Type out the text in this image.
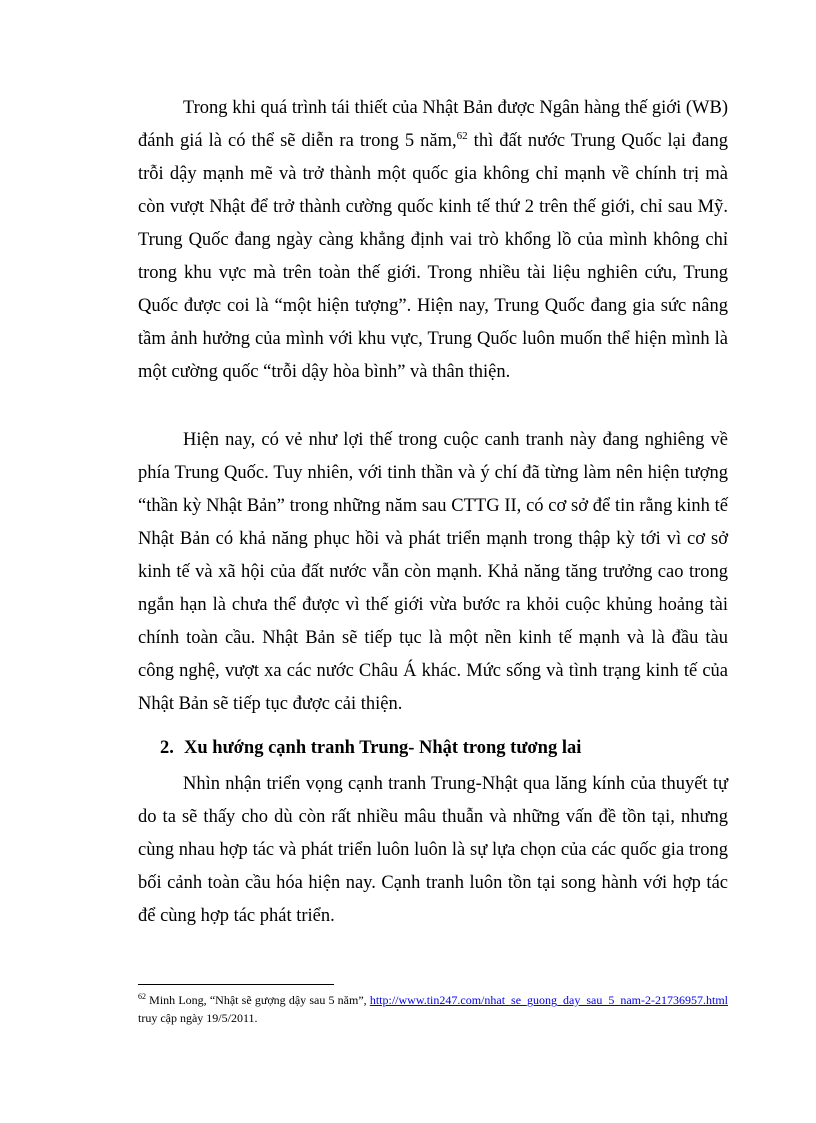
Trong khi quá trình tái thiết của Nhật Bản được Ngân hàng thế giới (WB) đánh giá là có thể sẽ diễn ra trong 5 năm,$^{62}$ thì đất nước Trung Quốc lại đang trỗi dậy mạnh mẽ và trở thành một quốc gia không chỉ mạnh về chính trị mà còn vượt Nhật để trở thành cường quốc kinh tế thứ 2 trên thế giới, chỉ sau Mỹ. Trung Quốc đang ngày càng khẳng định vai trò khổng lồ của mình không chỉ trong khu vực mà trên toàn thế giới. Trong nhiều tài liệu nghiên cứu, Trung Quốc được coi là “một hiện tượng”. Hiện nay, Trung Quốc đang gia sức nâng tầm ảnh hưởng của mình với khu vực, Trung Quốc luôn muốn thể hiện mình là một cường quốc “trỗi dậy hòa bình” và thân thiện.

Hiện nay, có vẻ như lợi thế trong cuộc canh tranh này đang nghiêng về phía Trung Quốc. Tuy nhiên, với tinh thần và ý chí đã từng làm nên hiện tượng “thần kỳ Nhật Bản” trong những năm sau CTTG II, có cơ sở để tin rằng kinh tế Nhật Bản có khả năng phục hồi và phát triển mạnh trong thập kỳ tới vì cơ sở kinh tế và xã hội của đất nước vẫn còn mạnh. Khả năng tăng trưởng cao trong ngắn hạn là chưa thể được vì thế giới vừa bước ra khỏi cuộc khủng hoảng tài chính toàn cầu. Nhật Bản sẽ tiếp tục là một nền kinh tế mạnh và là đầu tàu công nghệ, vượt xa các nước Châu Á khác. Mức sống và tình trạng kinh tế của Nhật Bản sẽ tiếp tục được cải thiện.

2. Xu hướng cạnh tranh Trung- Nhật trong tương lai

Nhìn nhận triển vọng cạnh tranh Trung-Nhật qua lăng kính của thuyết tự do ta sẽ thấy cho dù còn rất nhiều mâu thuẫn và những vấn đề tồn tại, nhưng cùng nhau hợp tác và phát triển luôn luôn là sự lựa chọn của các quốc gia trong bối cảnh toàn cầu hóa hiện nay. Cạnh tranh luôn tồn tại song hành với hợp tác để cùng hợp tác phát triển.

$^{62}$ Minh Long, “Nhật sẽ gượng dậy sau 5 năm”, http://www.tin247.com/nhat_se_guong_day_sau_5_nam-2-21736957.html truy cập ngày 19/5/2011.
